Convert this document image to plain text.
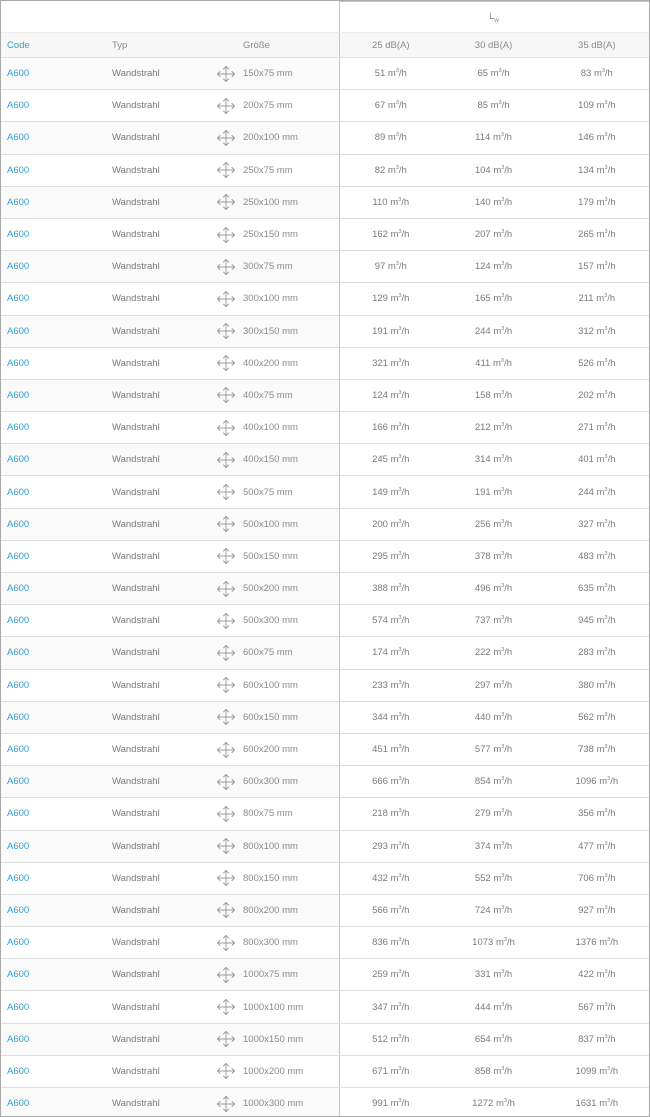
			$L_w$
Code	Typ	Größe	25 dB(A)	30 dB(A)	35 dB(A)
A600	Wandstrahl	150x75 mm	51 $m^3/h$	65 $m^3/h$	83 $m^3/h$
A600	Wandstrahl	200x75 mm	67 $m^3/h$	85 $m^3/h$	109 $m^3/h$
A600	Wandstrahl	200x100 mm	89 $m^3/h$	114 $m^3/h$	146 $m^3/h$
A600	Wandstrahl	250x75 mm	82 $m^3/h$	104 $m^3/h$	134 $m^3/h$
A600	Wandstrahl	250x100 mm	110 $m^3/h$	140 $m^3/h$	179 $m^3/h$
A600	Wandstrahl	250x150 mm	162 $m^3/h$	207 $m^3/h$	265 $m^3/h$
A600	Wandstrahl	300x75 mm	97 $m^3/h$	124 $m^3/h$	157 $m^3/h$
A600	Wandstrahl	300x100 mm	129 $m^3/h$	165 $m^3/h$	211 $m^3/h$
A600	Wandstrahl	300x150 mm	191 $m^3/h$	244 $m^3/h$	312 $m^3/h$
A600	Wandstrahl	400x200 mm	321 $m^3/h$	411 $m^3/h$	526 $m^3/h$
A600	Wandstrahl	400x75 mm	124 $m^3/h$	158 $m^3/h$	202 $m^3/h$
A600	Wandstrahl	400x100 mm	166 $m^3/h$	212 $m^3/h$	271 $m^3/h$
A600	Wandstrahl	400x150 mm	245 $m^3/h$	314 $m^3/h$	401 $m^3/h$
A600	Wandstrahl	500x75 mm	149 $m^3/h$	191 $m^3/h$	244 $m^3/h$
A600	Wandstrahl	500x100 mm	200 $m^3/h$	256 $m^3/h$	327 $m^3/h$
A600	Wandstrahl	500x150 mm	295 $m^3/h$	378 $m^3/h$	483 $m^3/h$
A600	Wandstrahl	500x200 mm	388 $m^3/h$	496 $m^3/h$	635 $m^3/h$
A600	Wandstrahl	500x300 mm	574 $m^3/h$	737 $m^3/h$	945 $m^3/h$
A600	Wandstrahl	600x75 mm	174 $m^3/h$	222 $m^3/h$	283 $m^3/h$
A600	Wandstrahl	600x100 mm	233 $m^3/h$	297 $m^3/h$	380 $m^3/h$
A600	Wandstrahl	600x150 mm	344 $m^3/h$	440 $m^3/h$	562 $m^3/h$
A600	Wandstrahl	600x200 mm	451 $m^3/h$	577 $m^3/h$	738 $m^3/h$
A600	Wandstrahl	600x300 mm	666 $m^3/h$	854 $m^3/h$	1096 $m^3/h$
A600	Wandstrahl	800x75 mm	218 $m^3/h$	279 $m^3/h$	356 $m^3/h$
A600	Wandstrahl	800x100 mm	293 $m^3/h$	374 $m^3/h$	477 $m^3/h$
A600	Wandstrahl	800x150 mm	432 $m^3/h$	552 $m^3/h$	706 $m^3/h$
A600	Wandstrahl	800x200 mm	566 $m^3/h$	724 $m^3/h$	927 $m^3/h$
A600	Wandstrahl	800x300 mm	836 $m^3/h$	1073 $m^3/h$	1376 $m^3/h$
A600	Wandstrahl	1000x75 mm	259 $m^3/h$	331 $m^3/h$	422 $m^3/h$
A600	Wandstrahl	1000x100 mm	347 $m^3/h$	444 $m^3/h$	567 $m^3/h$
A600	Wandstrahl	1000x150 mm	512 $m^3/h$	654 $m^3/h$	837 $m^3/h$
A600	Wandstrahl	1000x200 mm	671 $m^3/h$	858 $m^3/h$	1099 $m^3/h$
A600	Wandstrahl	1000x300 mm	991 $m^3/h$	1272 $m^3/h$	1631 $m^3/h$
